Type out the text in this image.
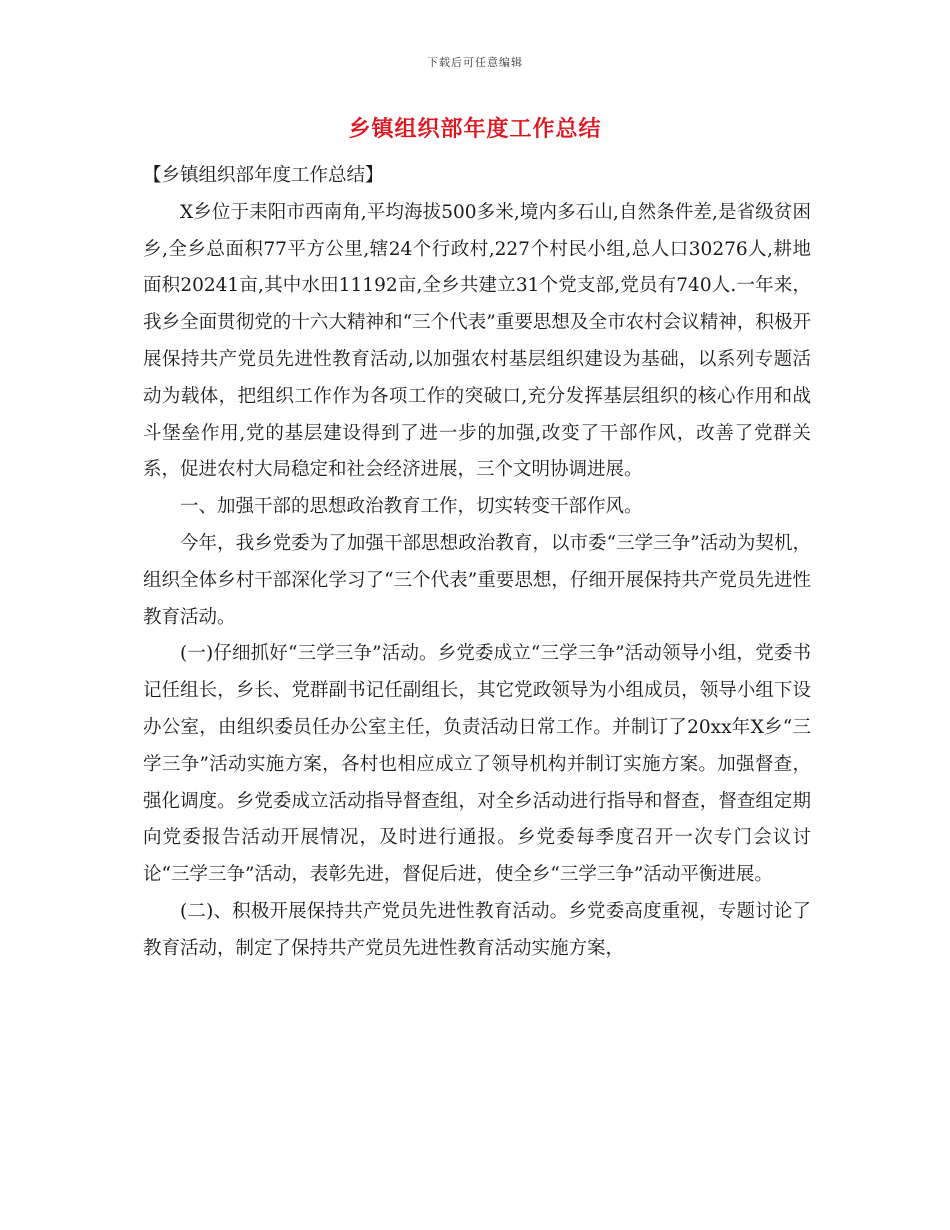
下载后可任意编辑
乡镇组织部年度工作总结

【乡镇组织部年度工作总结】

X乡位于耒阳市西南角,平均海拔500多米,境内多石山,自然条件差,是省级贫困乡,全乡总面积77平方公里,辖24个行政村,227个村民小组,总人口30276人,耕地面积20241亩,其中水田11192亩,全乡共建立31个党支部,党员有740人.一年来，我乡全面贯彻党的十六大精神和“三个代表”重要思想及全市农村会议精神，积极开展保持共产党员先进性教育活动,以加强农村基层组织建设为基础，以系列专题活动为载体，把组织工作作为各项工作的突破口,充分发挥基层组织的核心作用和战斗堡垒作用,党的基层建设得到了进一步的加强,改变了干部作风，改善了党群关系，促进农村大局稳定和社会经济进展，三个文明协调进展。

一、加强干部的思想政治教育工作，切实转变干部作风。

今年，我乡党委为了加强干部思想政治教育，以市委“三学三争”活动为契机，组织全体乡村干部深化学习了“三个代表”重要思想，仔细开展保持共产党员先进性教育活动。

(一)仔细抓好“三学三争”活动。乡党委成立“三学三争”活动领导小组，党委书记任组长，乡长、党群副书记任副组长，其它党政领导为小组成员，领导小组下设办公室，由组织委员任办公室主任，负责活动日常工作。并制订了20xx年X乡“三学三争”活动实施方案，各村也相应成立了领导机构并制订实施方案。加强督查，强化调度。乡党委成立活动指导督查组，对全乡活动进行指导和督查，督查组定期向党委报告活动开展情况，及时进行通报。乡党委每季度召开一次专门会议讨论“三学三争”活动，表彰先进，督促后进，使全乡“三学三争”活动平衡进展。

(二)、积极开展保持共产党员先进性教育活动。乡党委高度重视，专题讨论了教育活动，制定了保持共产党员先进性教育活动实施方案，
